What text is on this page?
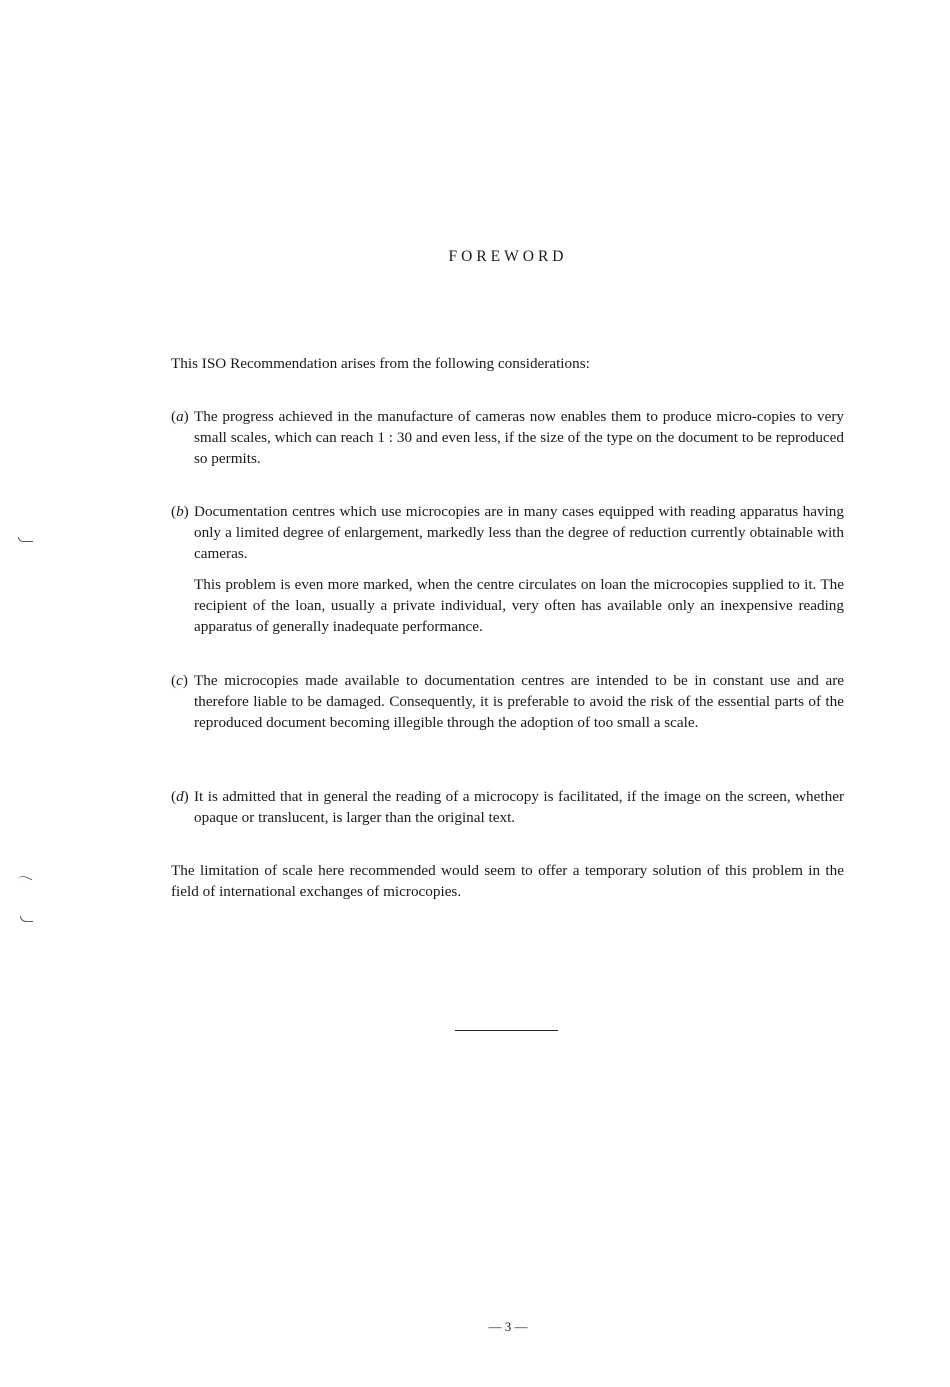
FOREWORD
This ISO Recommendation arises from the following considerations:
(a) The progress achieved in the manufacture of cameras now enables them to produce micro-copies to very small scales, which can reach 1 : 30 and even less, if the size of the type on the document to be reproduced so permits.

(b) Documentation centres which use microcopies are in many cases equipped with reading apparatus having only a limited degree of enlargement, markedly less than the degree of reduction currently obtainable with cameras.

This problem is even more marked, when the centre circulates on loan the microcopies supplied to it. The recipient of the loan, usually a private individual, very often has available only an inexpensive reading apparatus of generally inadequate performance.

(c) The microcopies made available to documentation centres are intended to be in constant use and are therefore liable to be damaged. Consequently, it is preferable to avoid the risk of the essential parts of the reproduced document becoming illegible through the adoption of too small a scale.

(d) It is admitted that in general the reading of a microcopy is facilitated, if the image on the screen, whether opaque or translucent, is larger than the original text.

The limitation of scale here recommended would seem to offer a temporary solution of this problem in the field of international exchanges of microcopies.
— 3 —
